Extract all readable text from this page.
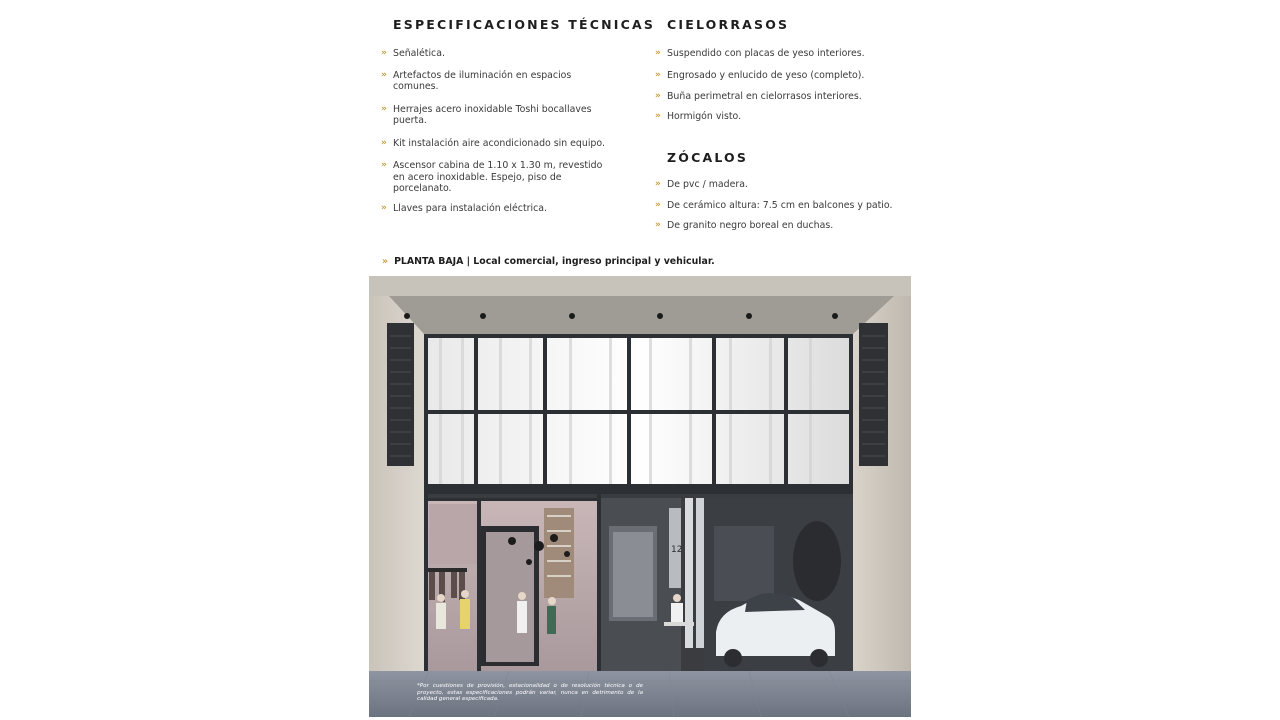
ESPECIFICACIONES TÉCNICAS
» Señalética.
» Artefactos de iluminación en espacios comunes.
» Herrajes acero inoxidable Toshi bocallaves puerta.
» Kit instalación aire acondicionado sin equipo.
» Ascensor cabina de 1.10 x 1.30 m, revestido en acero inoxidable. Espejo, piso de porcelanato.
» Llaves para instalación eléctrica.
CIELORRASOS
» Suspendido con placas de yeso interiores.
» Engrosado y enlucido de yeso (completo).
» Buña perimetral en cielorrasos interiores.
» Hormigón visto.
ZÓCALOS
» De pvc / madera.
» De cerámico altura: 7.5 cm en balcones y patio.
» De granito negro boreal en duchas.
» PLANTA BAJA | Local comercial, ingreso principal y vehicular.
12
*Por cuestiones de provisión, estacionalidad o de resolución técnica o de proyecto, estas especificaciones podrán variar, nunca en detrimento de la calidad general especificada.
